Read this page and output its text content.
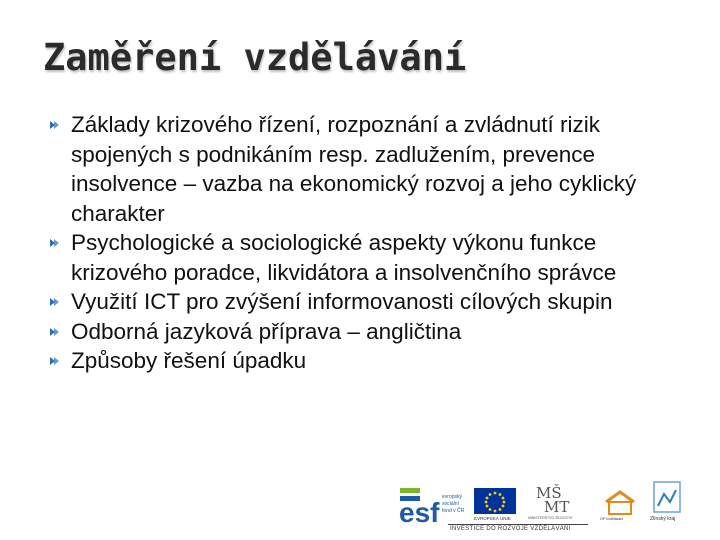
Zaměření vzdělávání
Základy krizového řízení, rozpoznání a zvládnutí rizik spojených s podnikáním resp. zadlužením, prevence insolvence – vazba na ekonomický rozvoj a jeho cyklický charakter
Psychologické a sociologické aspekty výkonu funkce krizového poradce, likvidátora a insolvenčního správce
Využití ICT pro zvýšení informovanosti cílových skupin
Odborná jazyková příprava – angličtina
Způsoby řešení úpadku
esf evropský
sociální
fond v ČR
EVROPSKÁ UNIE
MŠ
MT
MINISTERSTVO ŠKOLSTVÍ	OP Vzdělávání	Zlínský kraj
INVESTICE DO ROZVOJE VZDĚLÁVÁNÍ
